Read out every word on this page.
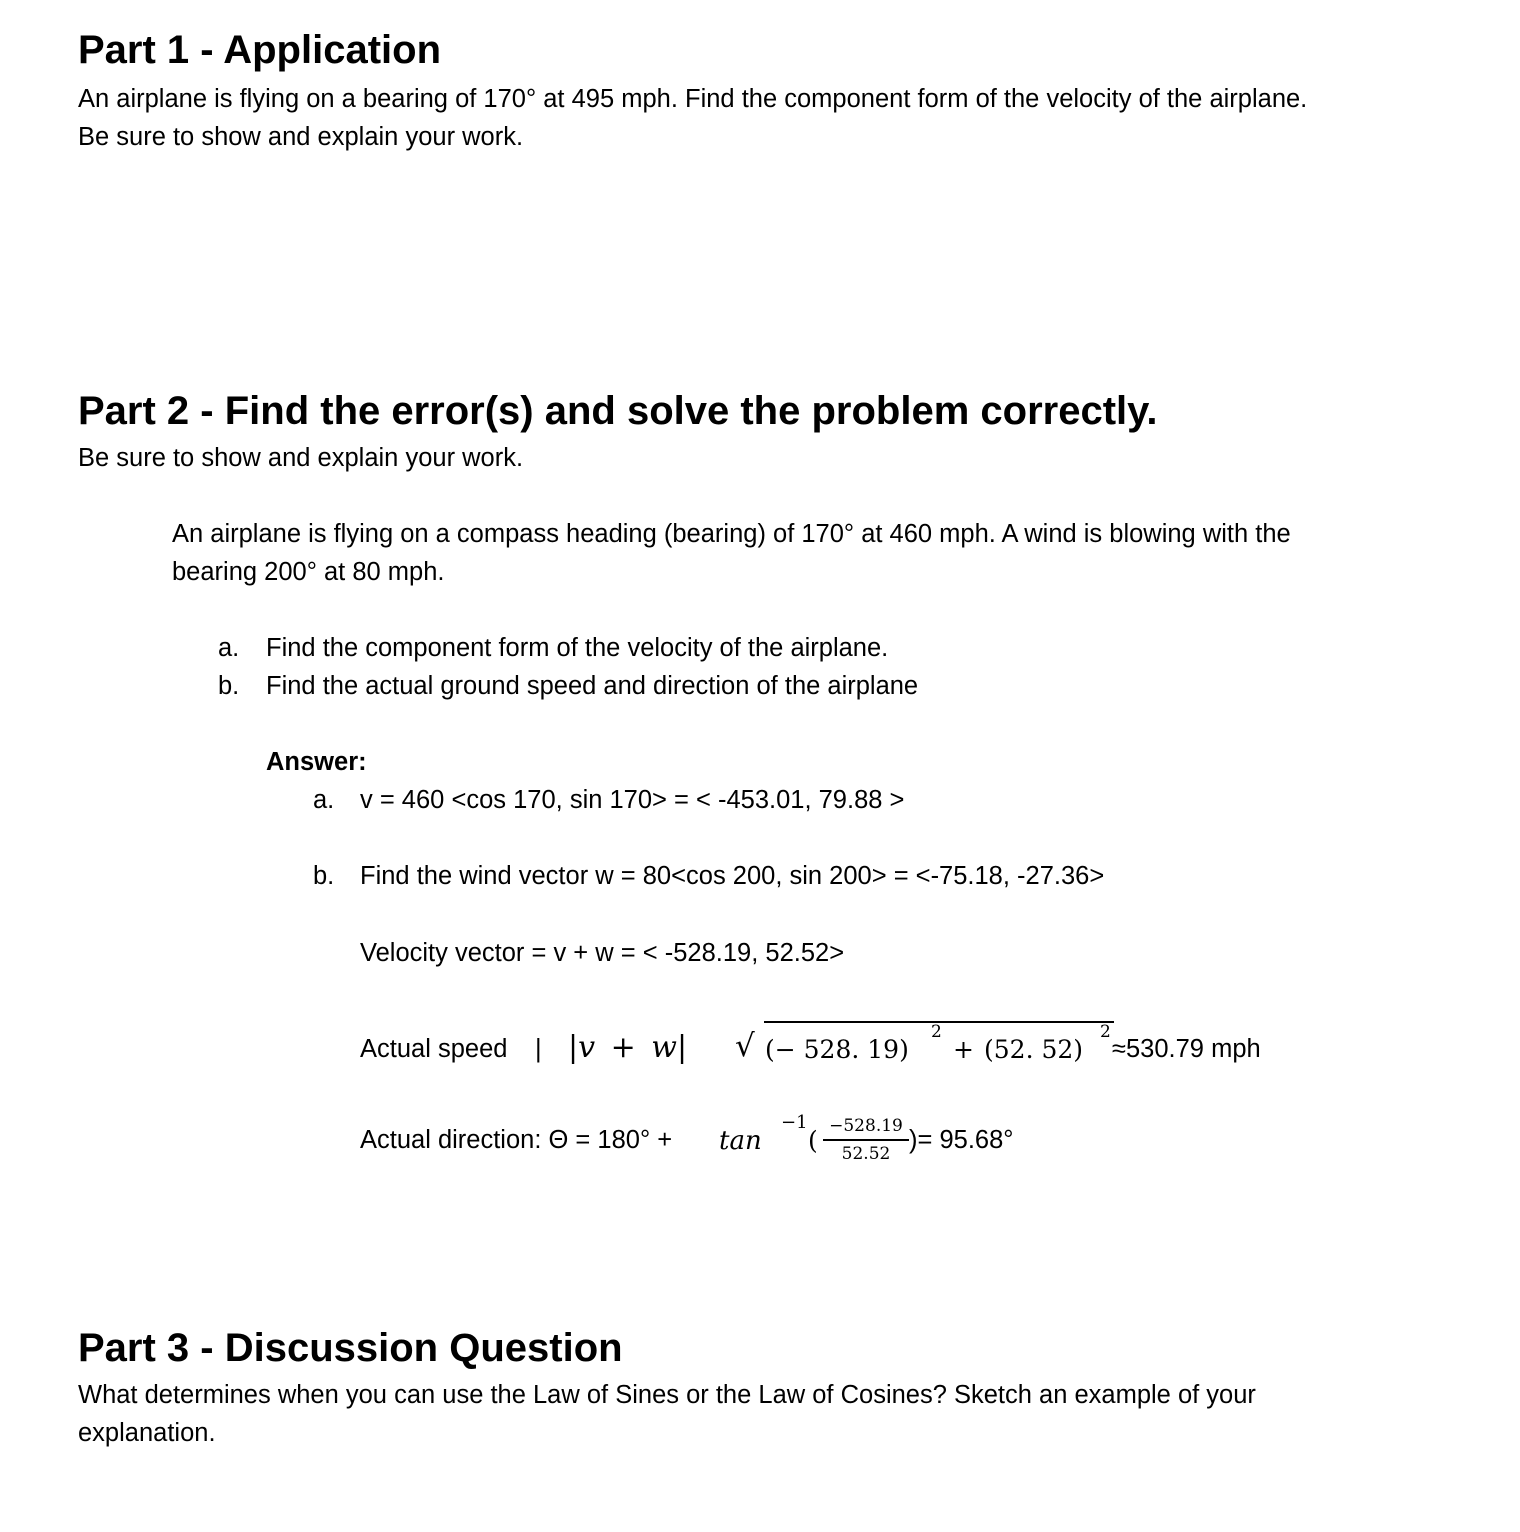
Part 1 - Application
An airplane is flying on a bearing of 170° at 495 mph. Find the component form of the velocity of the airplane.
Be sure to show and explain your work.
Part 2 - Find the error(s) and solve the problem correctly.
Be sure to show and explain your work.
An airplane is flying on a compass heading (bearing) of 170° at 460 mph. A wind is blowing with the
bearing 200° at 80 mph.
a. Find the component form of the velocity of the airplane.
b. Find the actual ground speed and direction of the airplane
Answer:
a. v = 460 <cos 170, sin 170> = < -453.01, 79.88 >
b. Find the wind vector w = 80<cos 200, sin 200> = <-75.18, -27.36>
Velocity vector = v + w = < -528.19, 52.52>
Actual speed | |v + w| √ (− 528. 19)
2
+ (52. 52)
2
≈530.79 mph
Actual direction: Θ = 180° + tan
−1
( −528.19
52.52 )= 95.68°
Part 3 - Discussion Question
What determines when you can use the Law of Sines or the Law of Cosines? Sketch an example of your
explanation.
